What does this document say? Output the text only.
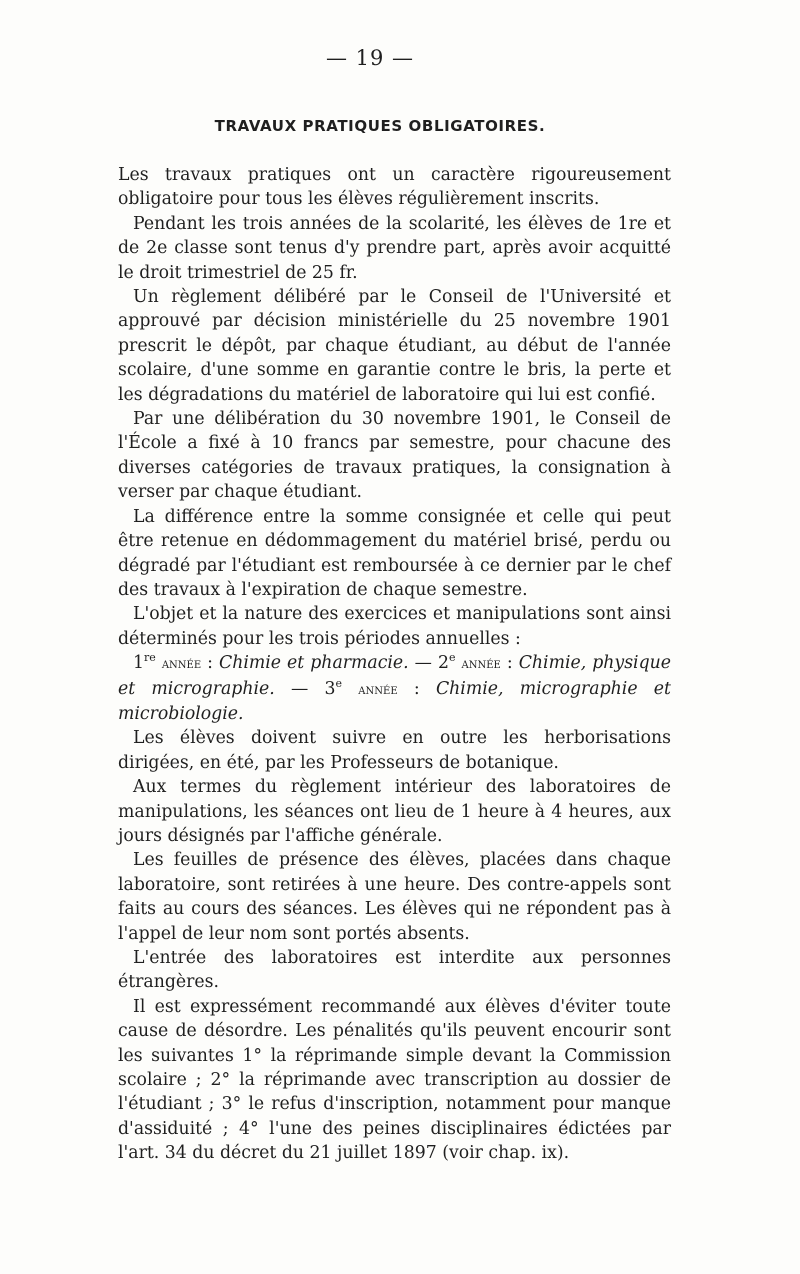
— 19 —
TRAVAUX PRATIQUES OBLIGATOIRES.

Les travaux pratiques ont un caractère rigoureusement obligatoire pour tous les élèves régulièrement inscrits.

Pendant les trois années de la scolarité, les élèves de 1re et de 2e classe sont tenus d'y prendre part, après avoir acquitté le droit trimestriel de 25 fr.

Un règlement délibéré par le Conseil de l'Université et approuvé par décision ministérielle du 25 novembre 1901 prescrit le dépôt, par chaque étudiant, au début de l'année scolaire, d'une somme en garantie contre le bris, la perte et les dégradations du matériel de laboratoire qui lui est confié.

Par une délibération du 30 novembre 1901, le Conseil de l'École a fixé à 10 francs par semestre, pour chacune des diverses catégories de travaux pratiques, la consignation à verser par chaque étudiant.

La différence entre la somme consignée et celle qui peut être retenue en dédommagement du matériel brisé, perdu ou dégradé par l'étudiant est remboursée à ce dernier par le chef des travaux à l'expiration de chaque semestre.

L'objet et la nature des exercices et manipulations sont ainsi déterminés pour les trois périodes annuelles :

1re année : Chimie et pharmacie. — 2e année : Chimie, physique et micrographie. — 3e année : Chimie, micrographie et microbiologie.

Les élèves doivent suivre en outre les herborisations dirigées, en été, par les Professeurs de botanique.

Aux termes du règlement intérieur des laboratoires de manipulations, les séances ont lieu de 1 heure à 4 heures, aux jours désignés par l'affiche générale.

Les feuilles de présence des élèves, placées dans chaque laboratoire, sont retirées à une heure. Des contre-appels sont faits au cours des séances. Les élèves qui ne répondent pas à l'appel de leur nom sont portés absents.

L'entrée des laboratoires est interdite aux personnes étrangères.

Il est expressément recommandé aux élèves d'éviter toute cause de désordre. Les pénalités qu'ils peuvent encourir sont les suivantes 1° la réprimande simple devant la Commission scolaire ; 2° la réprimande avec transcription au dossier de l'étudiant ; 3° le refus d'inscription, notamment pour manque d'assiduité ; 4° l'une des peines disciplinaires édictées par l'art. 34 du décret du 21 juillet 1897 (voir chap. ix).
